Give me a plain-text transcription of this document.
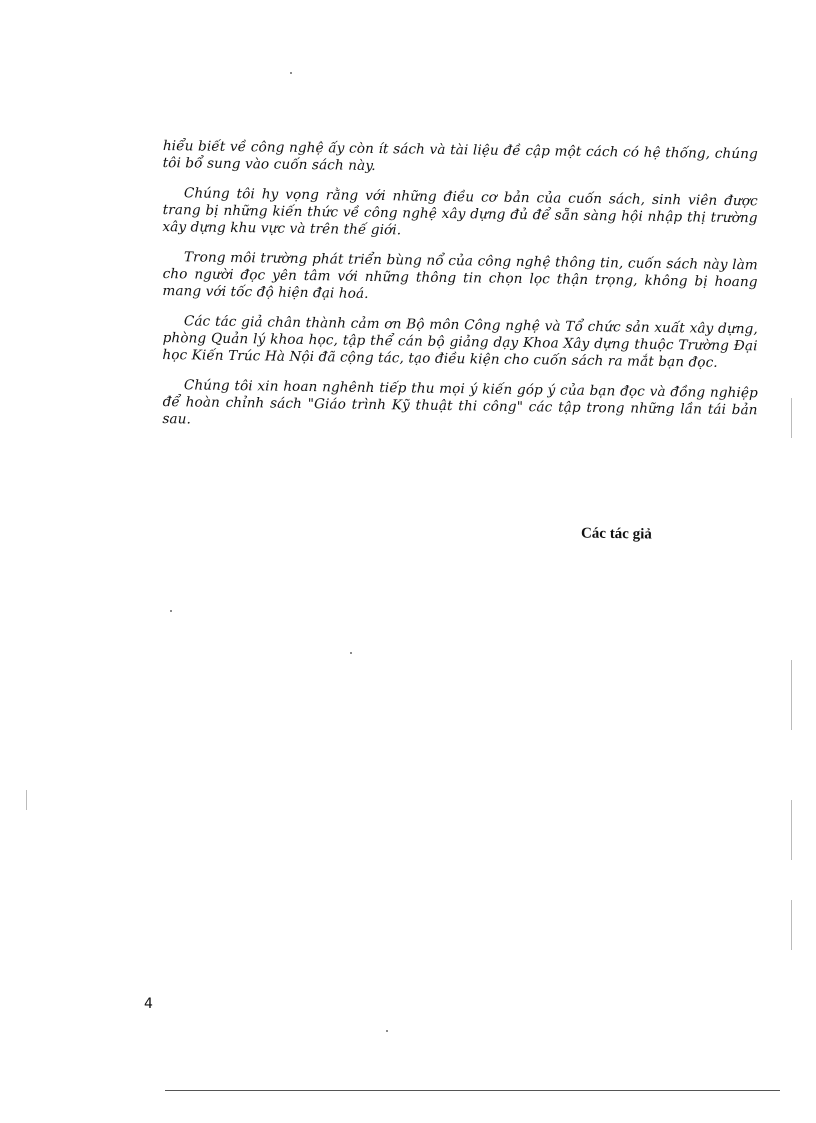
hiểu biết về công nghệ ấy còn ít sách và tài liệu đề cập một cách có hệ thống, chúng tôi bổ sung vào cuốn sách này.

Chúng tôi hy vọng rằng với những điều cơ bản của cuốn sách, sinh viên được trang bị những kiến thức về công nghệ xây dựng đủ để sẵn sàng hội nhập thị trường xây dựng khu vực và trên thế giới.

Trong môi trường phát triển bùng nổ của công nghệ thông tin, cuốn sách này làm cho người đọc yên tâm với những thông tin chọn lọc thận trọng, không bị hoang mang với tốc độ hiện đại hoá.

Các tác giả chân thành cảm ơn Bộ môn Công nghệ và Tổ chức sản xuất xây dựng, phòng Quản lý khoa học, tập thể cán bộ giảng dạy Khoa Xây dựng thuộc Trường Đại học Kiến Trúc Hà Nội đã cộng tác, tạo điều kiện cho cuốn sách ra mắt bạn đọc.

Chúng tôi xin hoan nghênh tiếp thu mọi ý kiến góp ý của bạn đọc và đồng nghiệp để hoàn chỉnh sách "Giáo trình Kỹ thuật thi công" các tập trong những lần tái bản sau.

Các tác giả
4
